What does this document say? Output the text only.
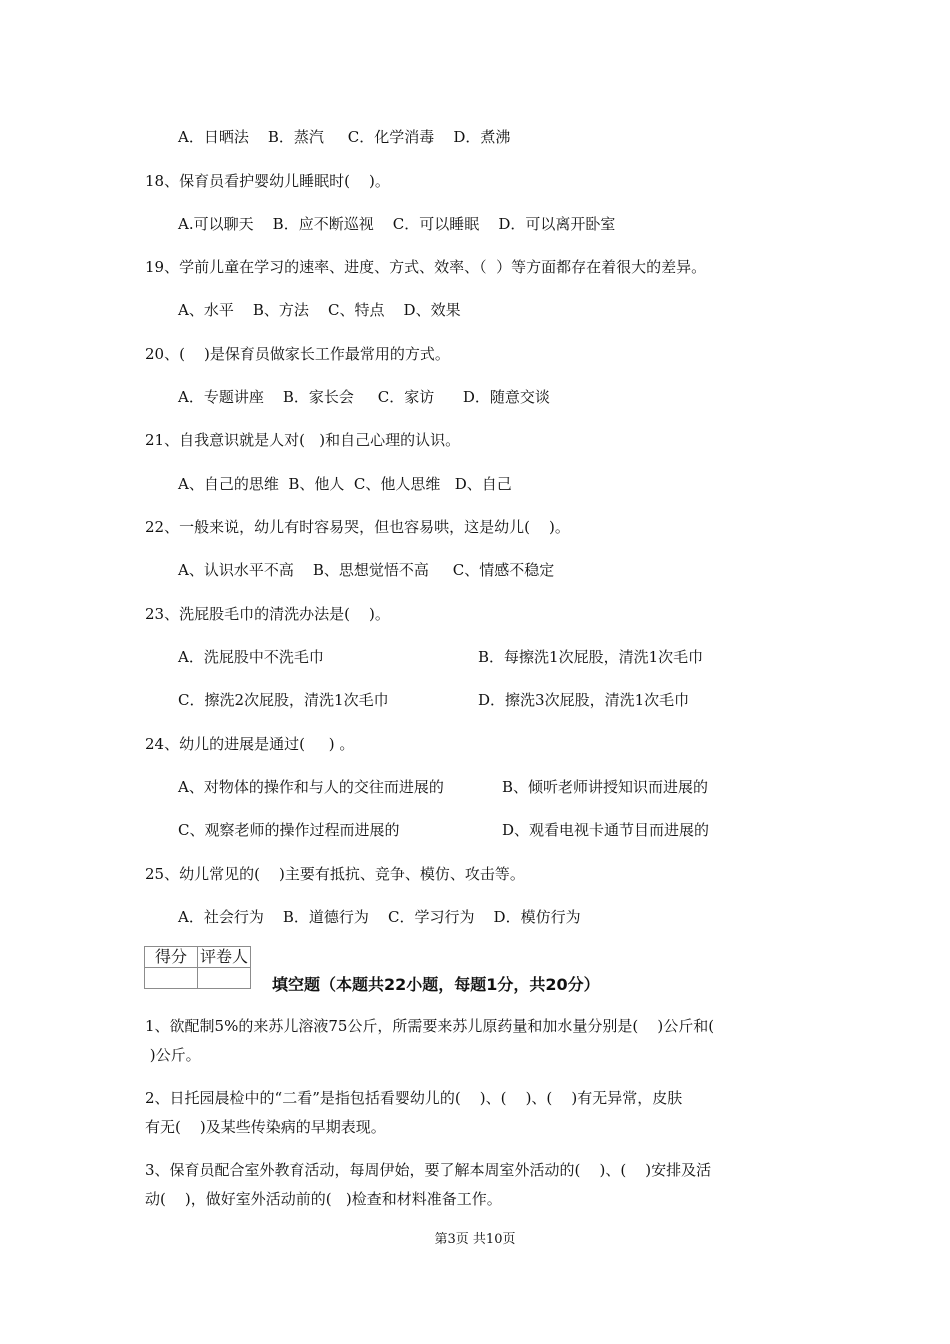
A．日晒法    B．蒸汽     C．化学消毒    D．煮沸
18、保育员看护婴幼儿睡眠时(    )。
A.可以聊天    B．应不断巡视    C．可以睡眠    D．可以离开卧室
19、学前儿童在学习的速率、进度、方式、效率、（  ）等方面都存在着很大的差异。
A、水平    B、方法    C、特点    D、效果
20、(    )是保育员做家长工作最常用的方式。
A．专题讲座    B．家长会     C．家访      D．随意交谈
21、自我意识就是人对(   )和自己心理的认识。
A、自己的思维  B、他人  C、他人思维   D、自己
22、一般来说，幼儿有时容易哭，但也容易哄，这是幼儿(    )。
A、认识水平不高    B、思想觉悟不高     C、情感不稳定
23、洗屁股毛巾的清洗办法是(    )。
A．洗屁股中不洗毛巾	B．每擦洗1次屁股，清洗1次毛巾
C．擦洗2次屁股，清洗1次毛巾	D．擦洗3次屁股，清洗1次毛巾
24、幼儿的进展是通过(     ) 。
A、对物体的操作和与人的交往而进展的	B、倾听老师讲授知识而进展的
C、观察老师的操作过程而进展的	D、观看电视卡通节目而进展的
25、幼儿常见的(    )主要有抵抗、竞争、模仿、攻击等。
A．社会行为    B．道德行为    C．学习行为    D．模仿行为
得分	评卷人

填空题（本题共22小题，每题1分，共20分）
1、欲配制5%的来苏儿溶液75公斤，所需要来苏儿原药量和加水量分别是(    )公斤和(
)公斤。
2、日托园晨检中的“二看”是指包括看婴幼儿的(    )、(    )、(    )有无异常，皮肤
有无(    )及某些传染病的早期表现。
3、保育员配合室外教育活动，每周伊始，要了解本周室外活动的(    )、(    )安排及活
动(    )，做好室外活动前的(   )检查和材料准备工作。
第3页 共10页
